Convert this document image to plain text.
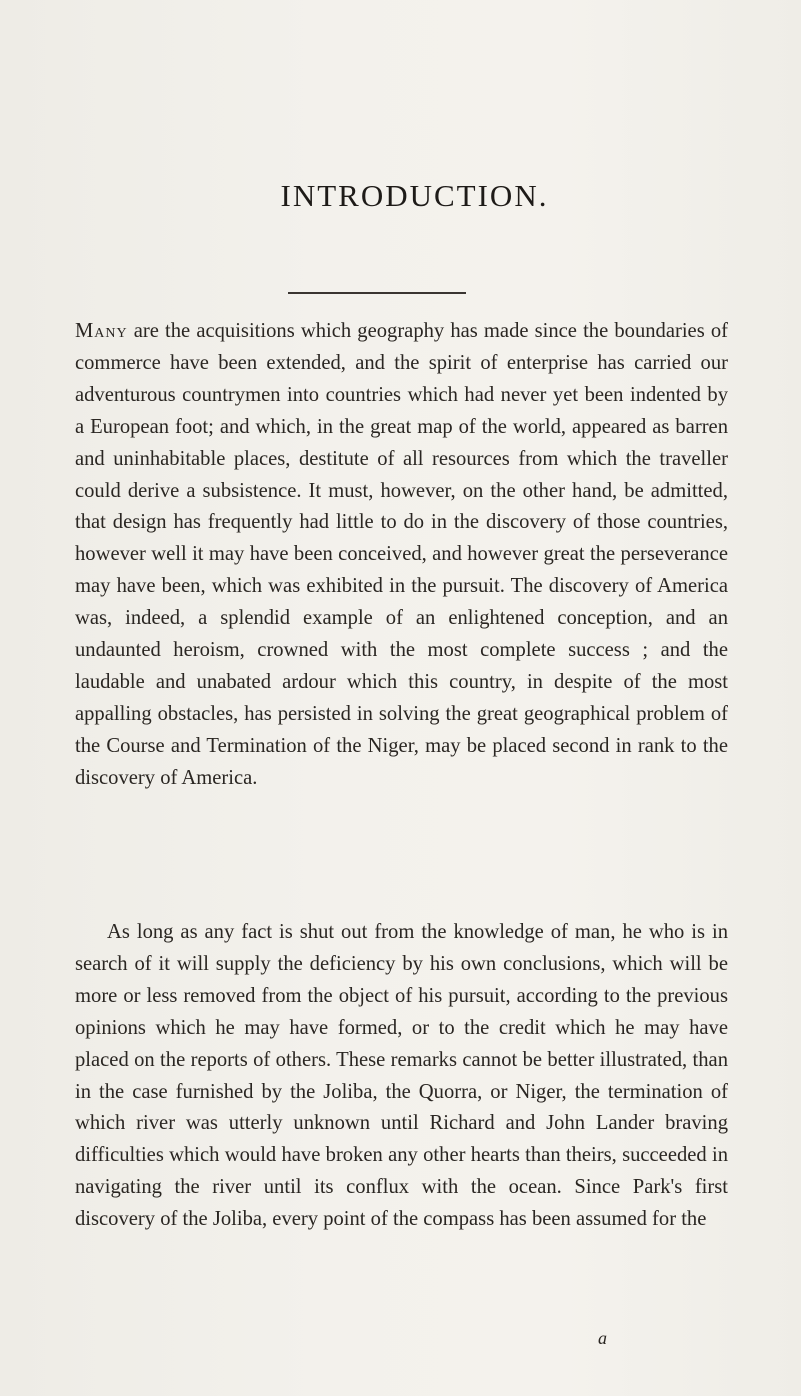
INTRODUCTION.
Many are the acquisitions which geography has made since the boundaries of commerce have been extended, and the spirit of enterprise has carried our adventurous countrymen into countries which had never yet been indented by a European foot; and which, in the great map of the world, appeared as barren and uninhabitable places, destitute of all resources from which the traveller could derive a subsistence. It must, however, on the other hand, be admitted, that design has frequently had little to do in the discovery of those countries, however well it may have been conceived, and however great the perseverance may have been, which was exhibited in the pursuit. The discovery of America was, indeed, a splendid example of an enlightened conception, and an undaunted heroism, crowned with the most complete success ; and the laudable and unabated ardour which this country, in despite of the most appalling obstacles, has persisted in solving the great geographical problem of the Course and Termination of the Niger, may be placed second in rank to the discovery of America.
As long as any fact is shut out from the knowledge of man, he who is in search of it will supply the deficiency by his own conclusions, which will be more or less removed from the object of his pursuit, according to the previous opinions which he may have formed, or to the credit which he may have placed on the reports of others. These remarks cannot be better illustrated, than in the case furnished by the Joliba, the Quorra, or Niger, the termination of which river was utterly unknown until Richard and John Lander braving difficulties which would have broken any other hearts than theirs, succeeded in navigating the river until its conflux with the ocean. Since Park's first discovery of the Joliba, every point of the compass has been assumed for the
a
